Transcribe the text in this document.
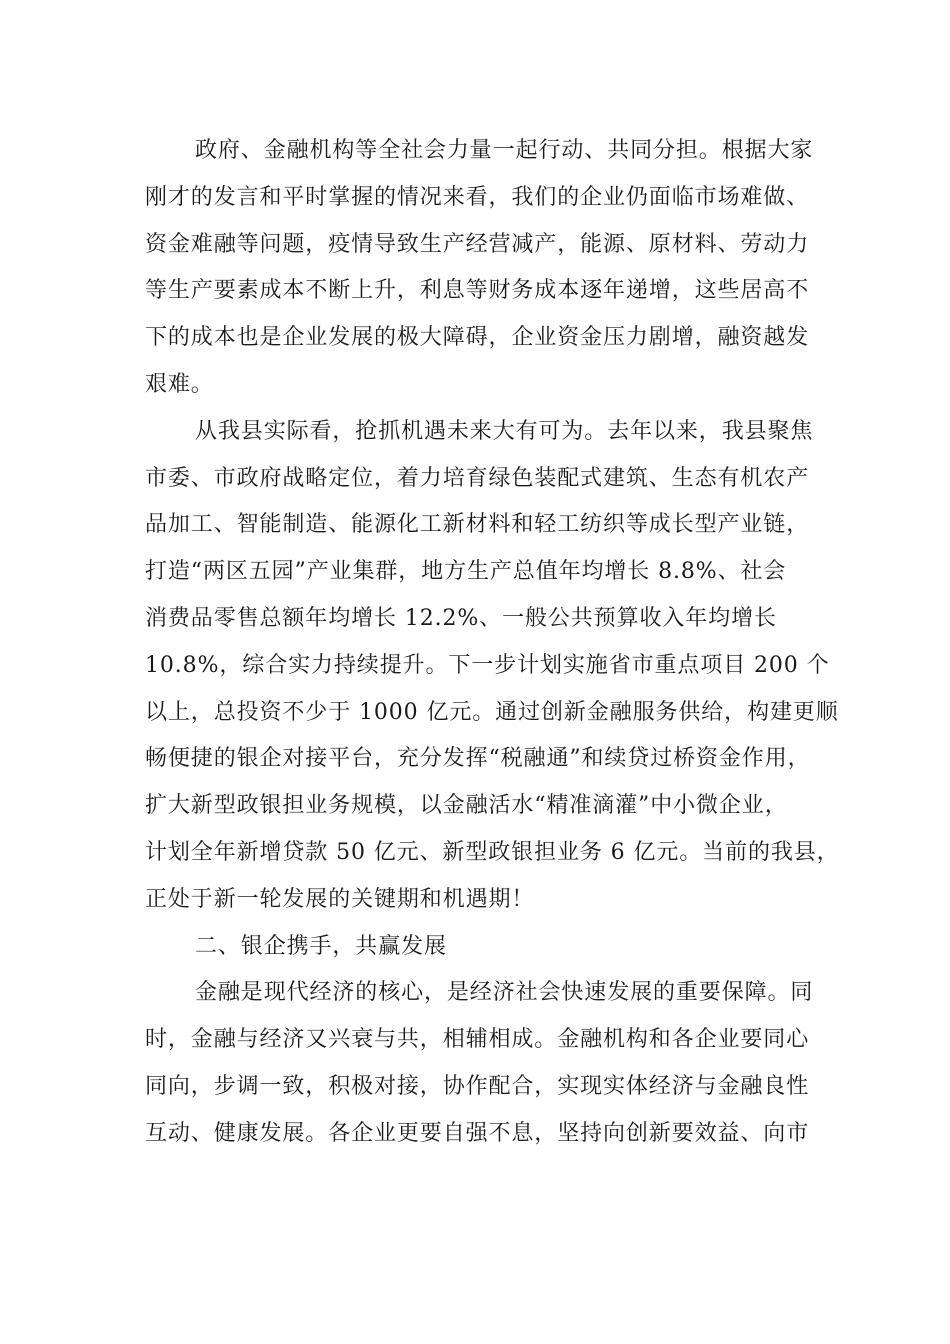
政府、金融机构等全社会力量一起行动、共同分担。根据大家
刚才的发言和平时掌握的情况来看，我们的企业仍面临市场难做、
资金难融等问题，疫情导致生产经营减产，能源、原材料、劳动力
等生产要素成本不断上升，利息等财务成本逐年递增，这些居高不
下的成本也是企业发展的极大障碍，企业资金压力剧增，融资越发
艰难。
从我县实际看，抢抓机遇未来大有可为。去年以来，我县聚焦
市委、市政府战略定位，着力培育绿色装配式建筑、生态有机农产
品加工、智能制造、能源化工新材料和轻工纺织等成长型产业链，
打造“两区五园”产业集群，地方生产总值年均增长 8.8%、社会
消费品零售总额年均增长 12.2%、一般公共预算收入年均增长
10.8%，综合实力持续提升。下一步计划实施省市重点项目 200 个
以上，总投资不少于 1000 亿元。通过创新金融服务供给，构建更顺
畅便捷的银企对接平台，充分发挥“税融通”和续贷过桥资金作用，
扩大新型政银担业务规模，以金融活水“精准滴灌”中小微企业，
计划全年新增贷款 50 亿元、新型政银担业务 6 亿元。当前的我县，
正处于新一轮发展的关键期和机遇期！
二、银企携手，共赢发展
金融是现代经济的核心，是经济社会快速发展的重要保障。同
时，金融与经济又兴衰与共，相辅相成。金融机构和各企业要同心
同向，步调一致，积极对接，协作配合，实现实体经济与金融良性
互动、健康发展。各企业更要自强不息，坚持向创新要效益、向市
